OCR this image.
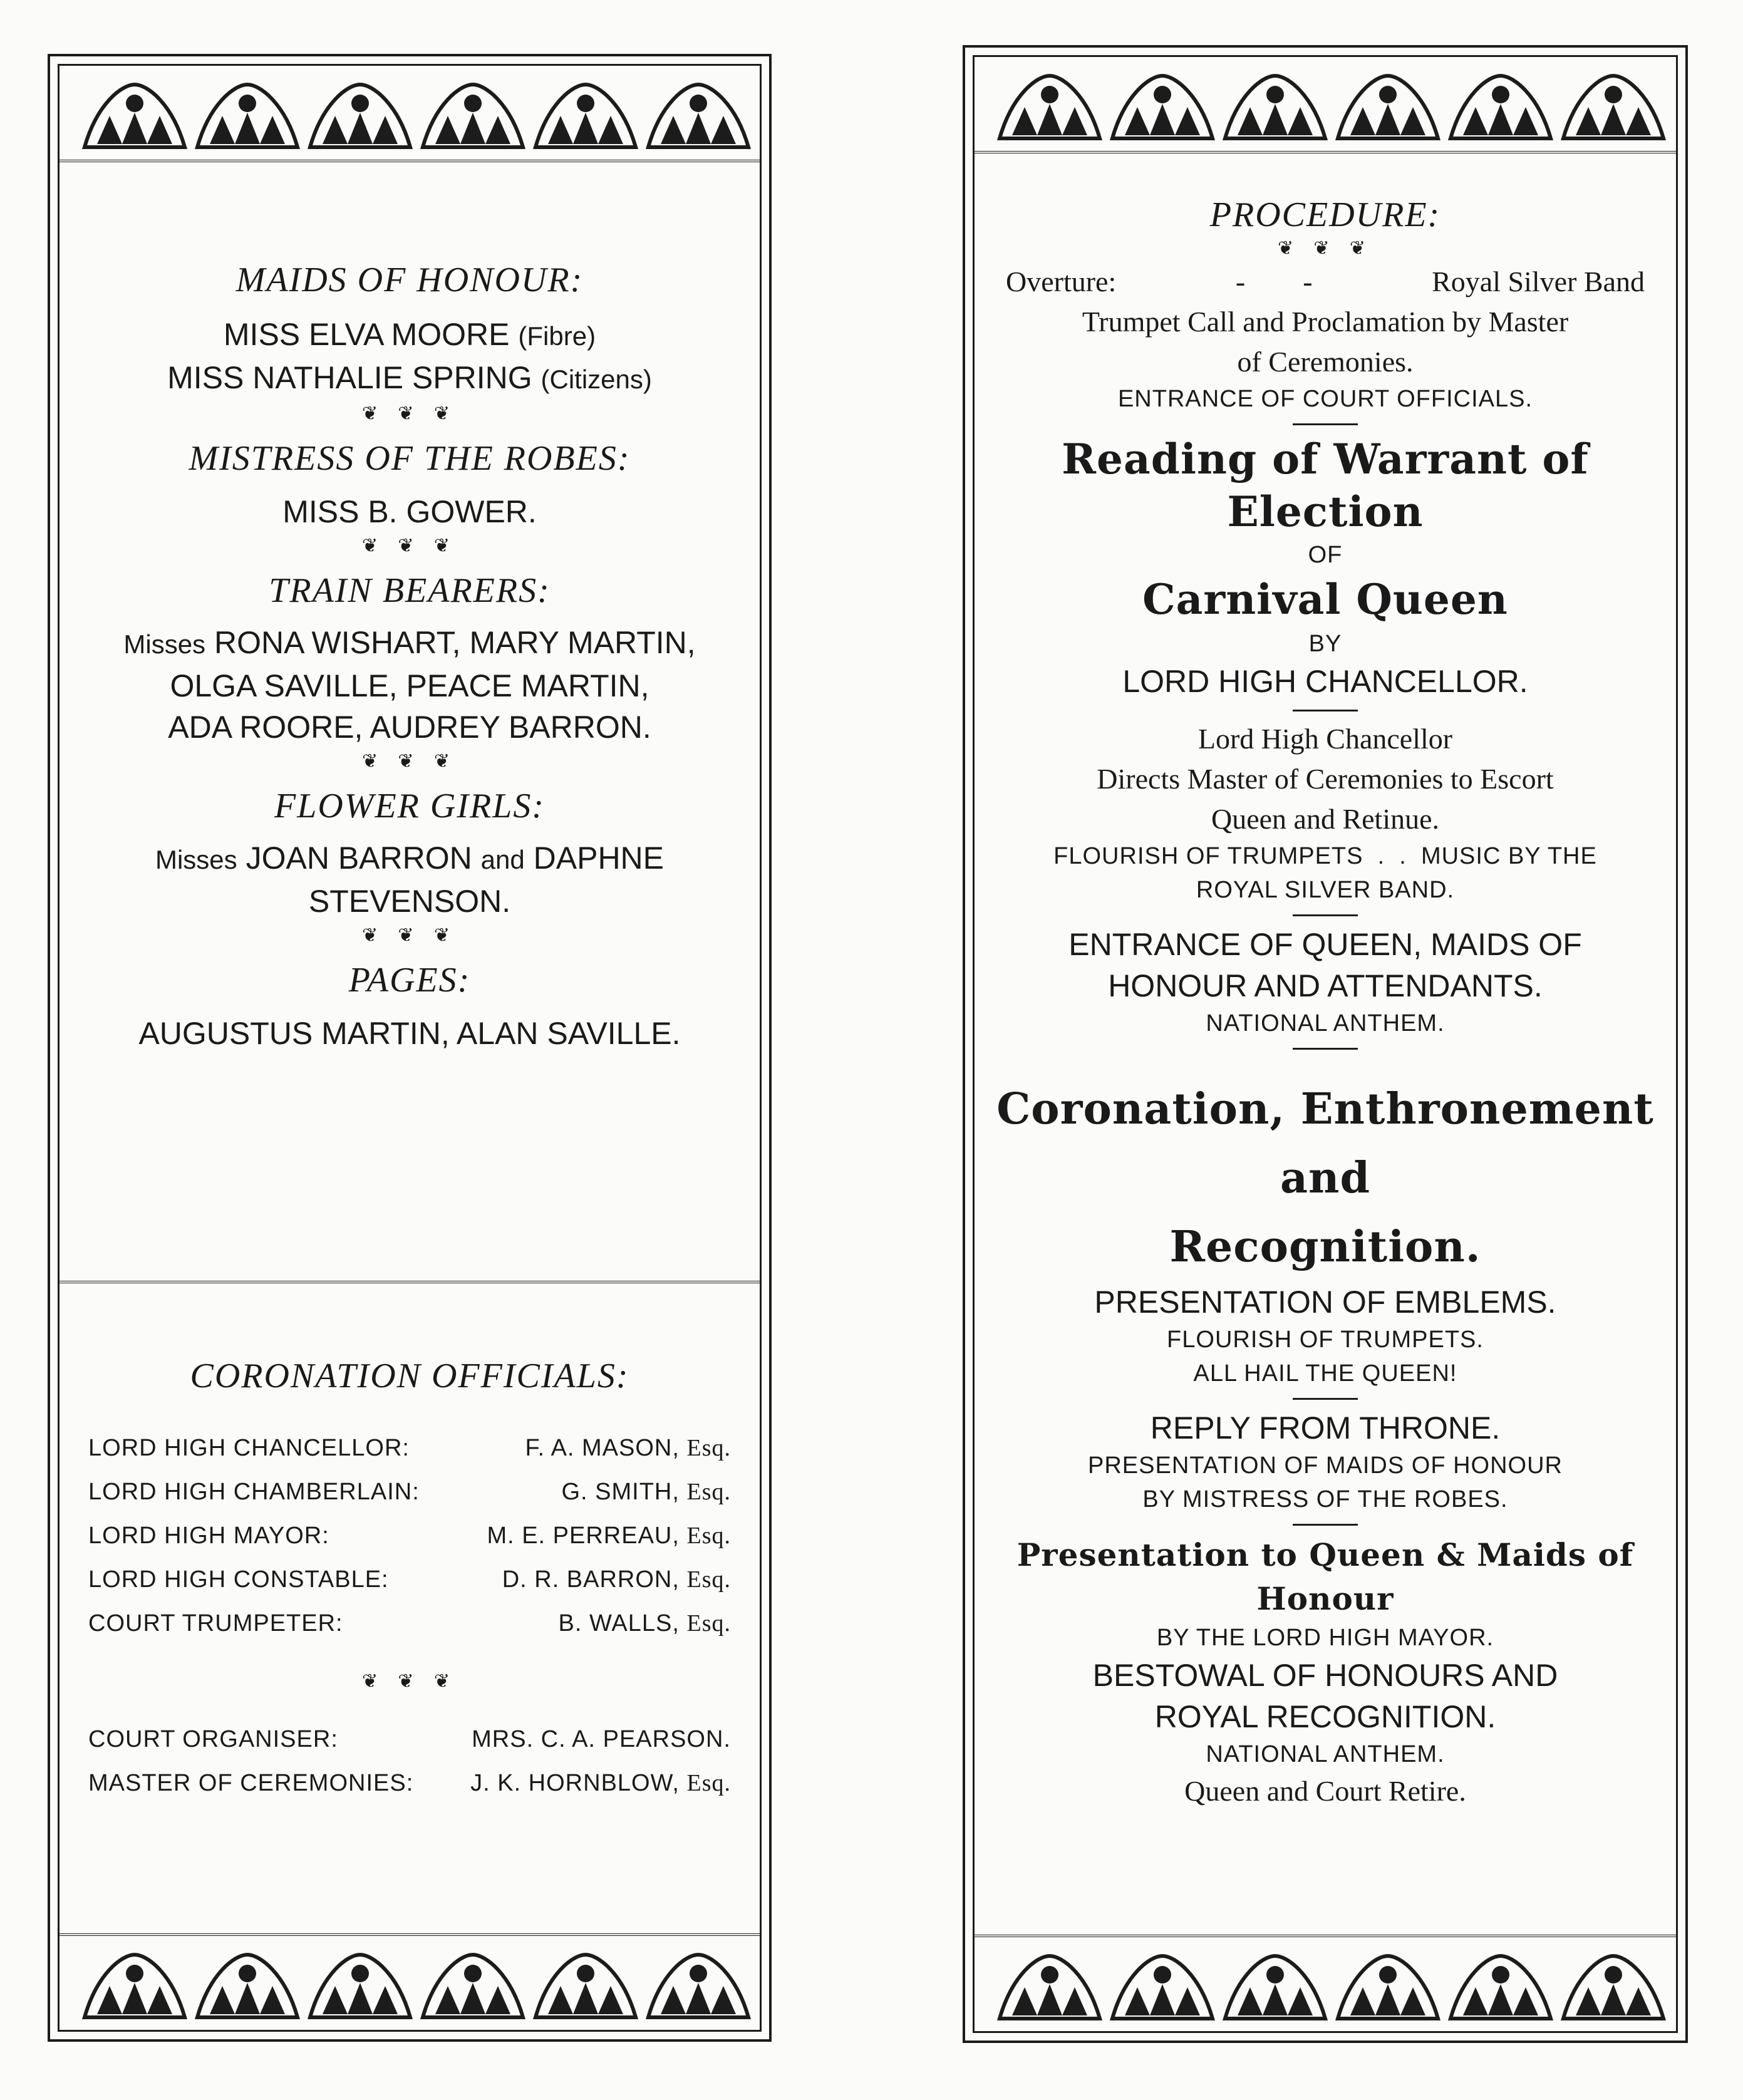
MAIDS OF HONOUR:
MISS ELVA MOORE (Fibre)
MISS NATHALIE SPRING (Citizens)
❦ ❦ ❦
MISTRESS OF THE ROBES:
MISS B. GOWER.
❦ ❦ ❦
TRAIN BEARERS:
Misses RONA WISHART, MARY MARTIN,
OLGA SAVILLE, PEACE MARTIN,
ADA ROORE, AUDREY BARRON.
❦ ❦ ❦
FLOWER GIRLS:
Misses JOAN BARRON and DAPHNE
STEVENSON.
❦ ❦ ❦
PAGES:
AUGUSTUS MARTIN, ALAN SAVILLE.
CORONATION OFFICIALS:
LORD HIGH CHANCELLOR:	F. A. MASON, Esq.
LORD HIGH CHAMBERLAIN:	G. SMITH, Esq.
LORD HIGH MAYOR:	M. E. PERREAU, Esq.
LORD HIGH CONSTABLE:	D. R. BARRON, Esq.
COURT TRUMPETER:	B. WALLS, Esq.
❦ ❦ ❦
COURT ORGANISER:	MRS. C. A. PEARSON.
MASTER OF CEREMONIES: J. K. HORNBLOW, Esq.
PROCEDURE:
❦ ❦ ❦
Overture:	-        -	Royal Silver Band
Trumpet Call and Proclamation by Master
of Ceremonies.
ENTRANCE OF COURT OFFICIALS.
Reading of Warrant of Election
OF
Carnival Queen
BY
LORD HIGH CHANCELLOR.
Lord High Chancellor
Directs Master of Ceremonies to Escort
Queen and Retinue.
FLOURISH OF TRUMPETS  .  .  MUSIC BY THE
ROYAL SILVER BAND.
ENTRANCE OF QUEEN, MAIDS OF
HONOUR AND ATTENDANTS.
NATIONAL ANTHEM.
Coronation, Enthronement and
Recognition.
PRESENTATION OF EMBLEMS.
FLOURISH OF TRUMPETS.
ALL HAIL THE QUEEN!
REPLY FROM THRONE.
PRESENTATION OF MAIDS OF HONOUR
BY MISTRESS OF THE ROBES.
Presentation to Queen & Maids of Honour
BY THE LORD HIGH MAYOR.
BESTOWAL OF HONOURS AND
ROYAL RECOGNITION.
NATIONAL ANTHEM.
Queen and Court Retire.
